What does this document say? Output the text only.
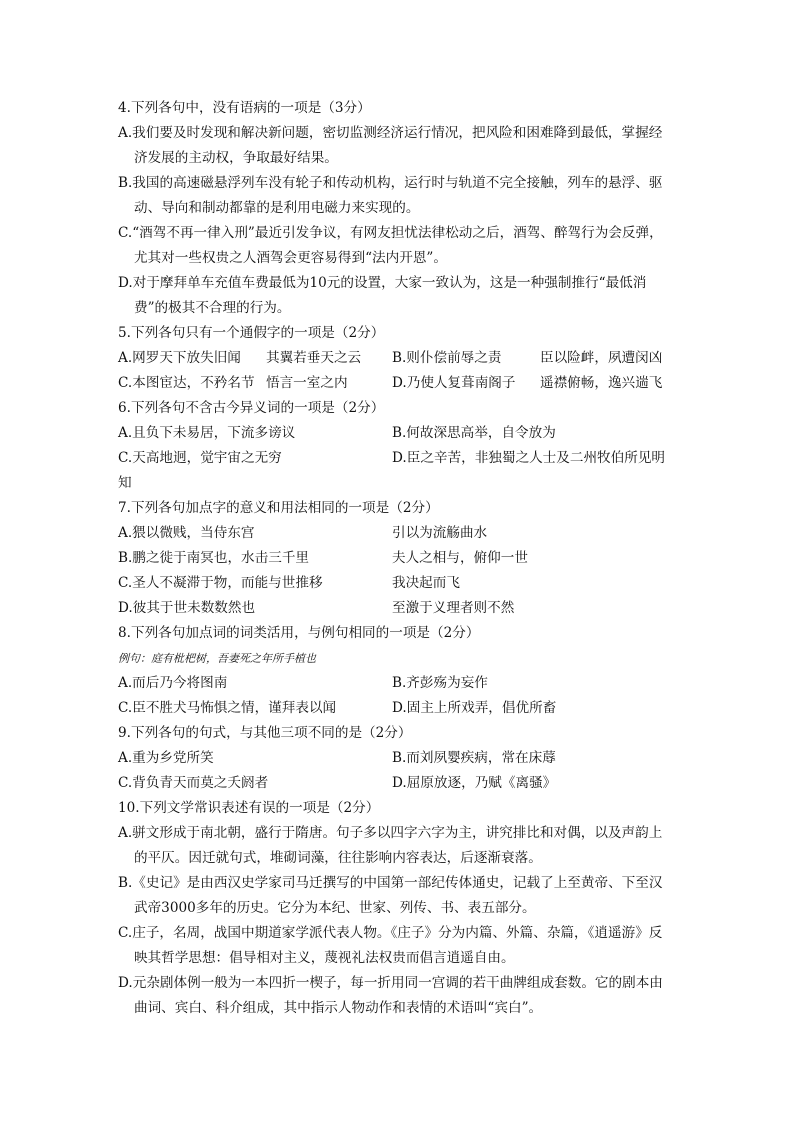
4.下列各句中，没有语病的一项是（3分）
A.我们要及时发现和解决新问题，密切监测经济运行情况，把风险和困难降到最低，掌握经
济发展的主动权，争取最好结果。
B.我国的高速磁悬浮列车没有轮子和传动机构，运行时与轨道不完全接触，列车的悬浮、驱
动、导向和制动都靠的是利用电磁力来实现的。
C.“酒驾不再一律入刑”最近引发争议，有网友担忧法律松动之后，酒驾、醉驾行为会反弹，
尤其对一些权贵之人酒驾会更容易得到“法内开恩”。
D.对于摩拜单车充值车费最低为10元的设置，大家一致认为，这是一种强制推行“最低消
费”的极其不合理的行为。
5.下列各句只有一个通假字的一项是（2分）
A.网罗天下放失旧闻	其翼若垂天之云	B.则仆偿前辱之责	臣以险衅，夙遭闵凶
C.本图宦达，不矜名节 悟言一室之内	D.乃使人复葺南阁子	遥襟俯畅，逸兴遄飞
6.下列各句不含古今异义词的一项是（2分）
A.且负下未易居，下流多谤议	B.何故深思高举，自令放为
C.天高地迥，觉宇宙之无穷	D.臣之辛苦，非独蜀之人士及二州牧伯所见明
知
7.下列各句加点字的意义和用法相同的一项是（2分）
A.猥以微贱，当侍东宫	引以为流觞曲水
B.鹏之徙于南冥也，水击三千里	夫人之相与，俯仰一世
C.圣人不凝滞于物，而能与世推移	我决起而飞
D.彼其于世未数数然也	至激于义理者则不然
8.下列各句加点词的词类活用，与例句相同的一项是（2分）
例句：庭有枇杷树，吾妻死之年所手植也
A.而后乃今将图南	B.齐彭殇为妄作
C.臣不胜犬马怖惧之情，谨拜表以闻	D.固主上所戏弄，倡优所畜
9.下列各句的句式，与其他三项不同的是（2分）
A.重为乡党所笑	B.而刘夙婴疾病，常在床蓐
C.背负青天而莫之夭阏者	D.屈原放逐，乃赋《离骚》
10.下列文学常识表述有误的一项是（2分）
A.骈文形成于南北朝，盛行于隋唐。句子多以四字六字为主，讲究排比和对偶，以及声韵上
的平仄。因迁就句式，堆砌词藻，往往影响内容表达，后逐渐衰落。
B.《史记》是由西汉史学家司马迁撰写的中国第一部纪传体通史，记载了上至黄帝、下至汉
武帝3000多年的历史。它分为本纪、世家、列传、书、表五部分。
C.庄子，名周，战国中期道家学派代表人物。《庄子》分为内篇、外篇、杂篇，《逍遥游》反
映其哲学思想：倡导相对主义，蔑视礼法权贵而倡言逍遥自由。
D.元杂剧体例一般为一本四折一楔子，每一折用同一宫调的若干曲牌组成套数。它的剧本由
曲词、宾白、科介组成，其中指示人物动作和表情的术语叫“宾白”。
